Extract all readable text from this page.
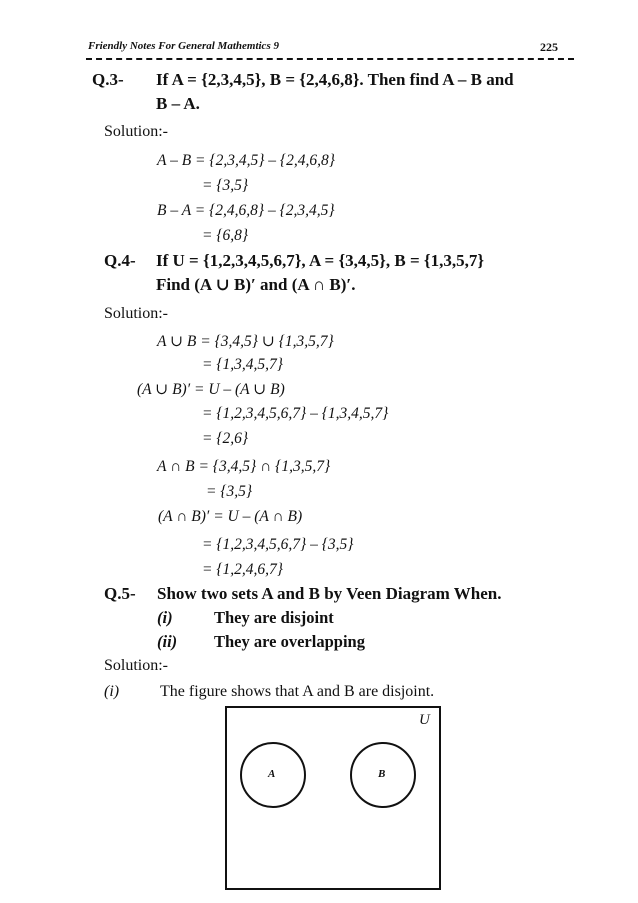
Friendly Notes For General Mathemtics 9	225
Q.3- If A = {2,3,4,5}, B = {2,4,6,8}. Then find A – B and
B – A.
Solution:-
A – B = {2,3,4,5} – {2,4,6,8}
= {3,5}
B – A = {2,4,6,8} – {2,3,4,5}
= {6,8}
Q.4- If U = {1,2,3,4,5,6,7}, A = {3,4,5}, B = {1,3,5,7}
Find (A ∪ B)′ and (A ∩ B)′.
Solution:-
A ∪ B = {3,4,5} ∪ {1,3,5,7}
= {1,3,4,5,7}
(A ∪ B)′ = U – (A ∪ B)
= {1,2,3,4,5,6,7} – {1,3,4,5,7}
= {2,6}
A ∩ B = {3,4,5} ∩ {1,3,5,7}
= {3,5}
(A ∩ B)′ = U – (A ∩ B)
= {1,2,3,4,5,6,7} – {3,5}
= {1,2,4,6,7}
Q.5- Show two sets A and B by Veen Diagram When.
(i)	They are disjoint
(ii) They are overlapping
Solution:-
(i)	The figure shows that A and B are disjoint.
U
A	B
